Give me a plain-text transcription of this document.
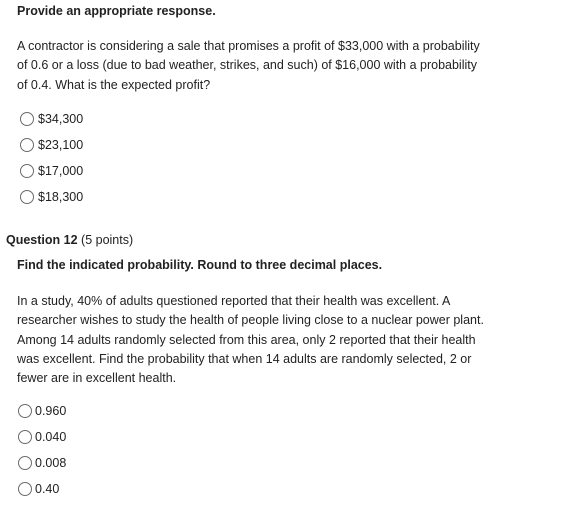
Provide an appropriate response.

A contractor is considering a sale that promises a profit of $33,000 with a probability

of 0.6 or a loss (due to bad weather, strikes, and such) of $16,000 with a probability

of 0.4. What is the expected profit?

$34,300
$23,100
$17,000
$18,300
Question 12 (5 points)
Find the indicated probability. Round to three decimal places.

In a study, 40% of adults questioned reported that their health was excellent. A

researcher wishes to study the health of people living close to a nuclear power plant.

Among 14 adults randomly selected from this area, only 2 reported that their health

was excellent. Find the probability that when 14 adults are randomly selected, 2 or

fewer are in excellent health.

0.960
0.040
0.008
0.40
